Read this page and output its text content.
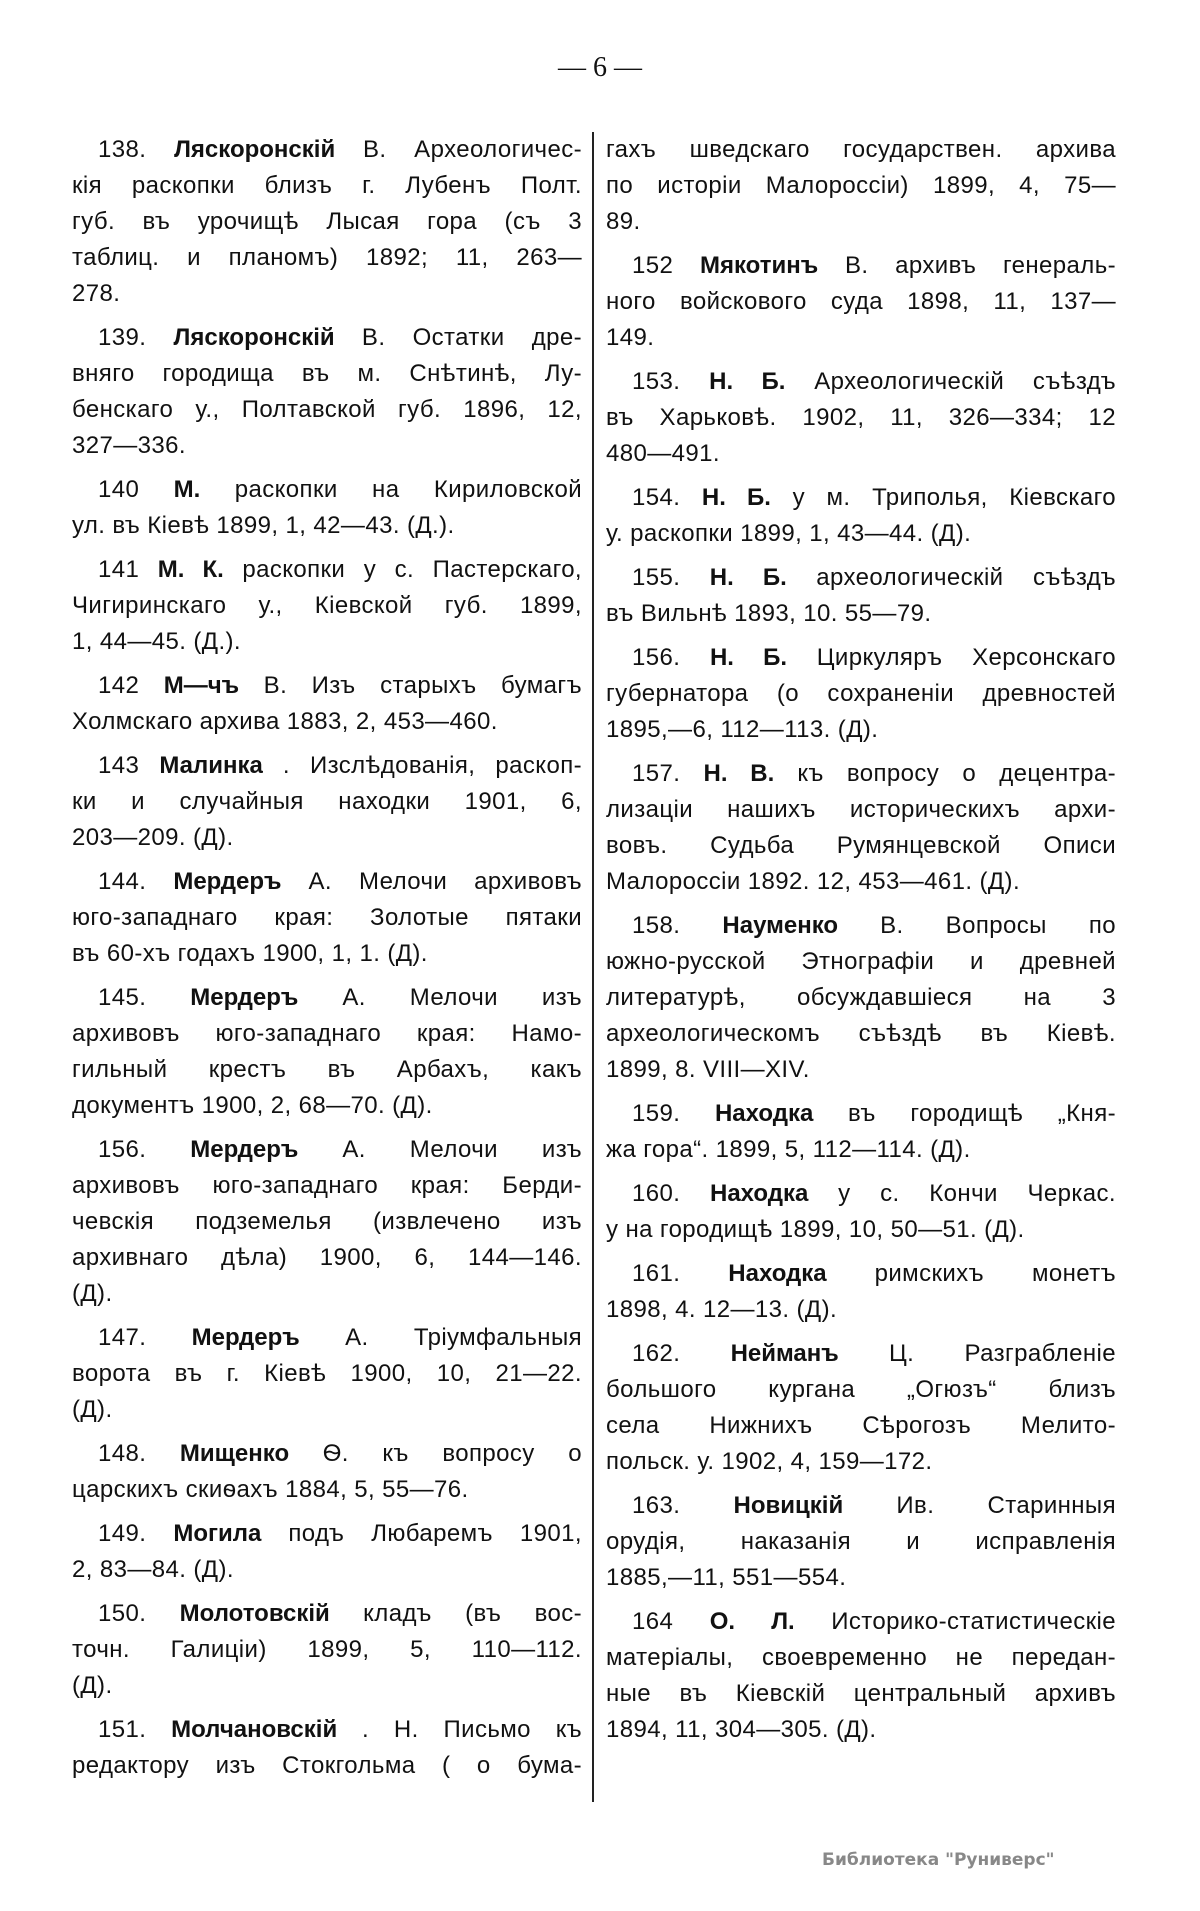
— 6 —
138. Ляскоронскій В. Археологичес-
кія раскопки близъ г. Лубенъ Полт.
губ. въ урочищѣ Лысая гора (съ 3
таблиц. и планомъ) 1892; 11, 263—
278.
139. Ляскоронскій В. Остатки дре-
вняго городища въ м. Снѣтинѣ, Лу-
бенскаго у., Полтавской губ. 1896, 12,
327—336.
140 М. раскопки на Кириловской
ул. въ Кіевѣ 1899, 1, 42—43. (Д.).
141 М. К. раскопки у с. Пастерскаго,
Чигиринскаго у., Кіевской губ. 1899,
1, 44—45. (Д.).
142 М—чъ В. Изъ старыхъ бумагъ
Холмскаго архива 1883, 2, 453—460.
143 Малинка . Изслѣдованія, раскоп-
ки и случайныя находки 1901, 6,
203—209. (Д).
144. Мердеръ А. Мелочи архивовъ
юго-западнаго края: Золотые пятаки
въ 60-хъ годахъ 1900, 1, 1. (Д).
145. Мердеръ А. Мелочи изъ
архивовъ юго-западнаго края: Намо-
гильный крестъ въ Арбахъ, какъ
документъ 1900, 2, 68—70. (Д).
156. Мердеръ А. Мелочи изъ
архивовъ юго-западнаго края: Берди-
чевскія подземелья (извлечено изъ
архивнаго дѣла) 1900, 6, 144—146.
(Д).
147. Мердеръ А. Тріумфальныя
ворота въ г. Кіевѣ 1900, 10, 21—22.
(Д).
148. Мищенко Ѳ. къ вопросу о
царскихъ скиѳахъ 1884, 5, 55—76.
149. Могила подъ Любаремъ 1901,
2, 83—84. (Д).
150. Молотовскій кладъ (въ вос-
точн. Галиціи) 1899, 5, 110—112.
(Д).
151. Молчановскій . Н. Письмо къ
редактору изъ Стокгольма ( о бума-
гахъ шведскаго государствен. архива
по исторіи Малороссіи) 1899, 4, 75—
89.
152 Мякотинъ В. архивъ генераль-
ного войскового суда 1898, 11, 137—
149.
153. Н. Б. Археологическій съѣздъ
въ Харьковѣ. 1902, 11, 326—334; 12
480—491.
154. Н. Б. у м. Триполья, Кіевскаго
у. раскопки 1899, 1, 43—44. (Д).
155. Н. Б. археологическій съѣздъ
въ Вильнѣ 1893, 10. 55—79.
156. Н. Б. Циркуляръ Херсонскаго
губернатора (о сохраненіи древностей
1895,—6, 112—113. (Д).
157. Н. В. къ вопросу о децентра-
лизаціи нашихъ историческихъ архи-
вовъ. Судьба Румянцевской Описи
Малороссіи 1892. 12, 453—461. (Д).
158. Науменко В. Вопросы по
южно-русской Этнографіи и древней
литературѣ, обсуждавшіеся на 3
археологическомъ съѣздѣ въ Кіевѣ.
1899, 8. VIII—XIV.
159. Находка въ городищѣ „Кня-
жа гора“. 1899, 5, 112—114. (Д).
160. Находка у с. Кончи Черкас.
у на городищѣ 1899, 10, 50—51. (Д).
161. Находка римскихъ монетъ
1898, 4. 12—13. (Д).
162. Нейманъ Ц. Разграбленіе
большого кургана „Огюзъ“ близъ
села Нижнихъ Сѣрогозъ Мелито-
польск. у. 1902, 4, 159—172.
163. Новицкій Ив. Старинныя
орудія, наказанія и исправленія
1885,—11, 551—554.
164 О. Л. Историко-статистическіе
матеріалы, своевременно не передан-
ные въ Кіевскій центральный архивъ
1894, 11, 304—305. (Д).
Библиотека "Руниверс"
